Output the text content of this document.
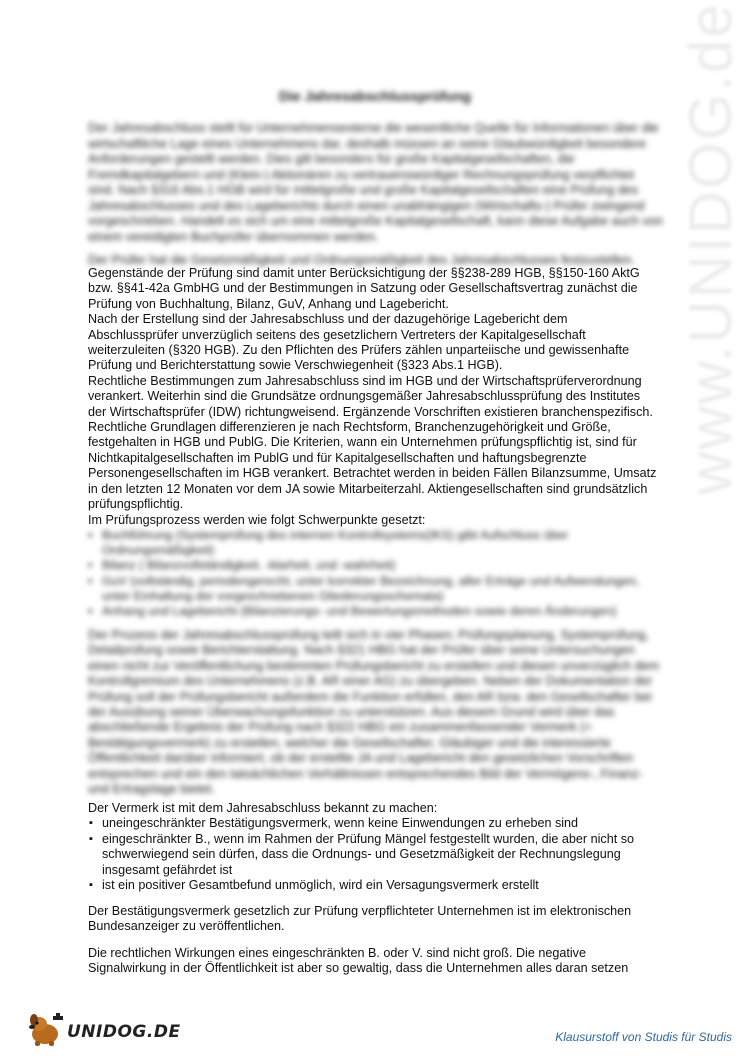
www.UNIDOG.de
Die Jahresabschlussprüfung
Der Jahresabschluss stellt für Unternehmensexterne die wesentliche Quelle für Informationen über die wirtschaftliche Lage eines Unternehmens dar, deshalb müssen an seine Glaubwürdigkeit besondere Anforderungen gestellt werden. Dies gilt besonders für große Kapitalgesellschaften, die Fremdkapitalgebern und (Klein-) Aktionären zu vertrauenswürdiger Rechnungsprüfung verpflichtet sind. Nach §316 Abs.1 HGB wird für mittelgroße und große Kapitalgesellschaften eine Prüfung des Jahresabschlusses und des Lageberichts durch einen unabhängigen (Wirtschafts-) Prüfer zwingend vorgeschrieben. Handelt es sich um eine mittelgroße Kapitalgesellschaft, kann diese Aufgabe auch von einem vereidigten Buchprüfer übernommen werden.
Der Prüfer hat die Gesetzmäßigkeit und Ordnungsmäßigkeit des Jahresabschlusses festzustellen.
Gegenstände der Prüfung sind damit unter Berücksichtigung der §§238-289 HGB, §§150-160 AktG
bzw. §§41-42a GmbHG und der Bestimmungen in Satzung oder Gesellschaftsvertrag zunächst die
Prüfung von Buchhaltung, Bilanz, GuV, Anhang und Lagebericht.
Nach der Erstellung sind der Jahresabschluss und der dazugehörige Lagebericht dem
Abschlussprüfer unverzüglich seitens des gesetzlichern Vertreters der Kapitalgesellschaft
weiterzuleiten (§320 HGB). Zu den Pflichten des Prüfers zählen unparteiische und gewissenhafte
Prüfung und Berichterstattung sowie Verschwiegenheit (§323 Abs.1 HGB).
Rechtliche Bestimmungen zum Jahresabschluss sind im HGB und der Wirtschaftsprüferverordnung
verankert. Weiterhin sind die Grundsätze ordnungsgemäßer Jahresabschlussprüfung des Institutes
der Wirtschaftsprüfer (IDW) richtungweisend. Ergänzende Vorschriften existieren branchenspezifisch.
Rechtliche Grundlagen differenzieren je nach Rechtsform, Branchenzugehörigkeit und Größe,
festgehalten in HGB und PublG. Die Kriterien, wann ein Unternehmen prüfungspflichtig ist, sind für
Nichtkapitalgesellschaften im PublG und für Kapitalgesellschaften und haftungsbegrenzte
Personengesellschaften im HGB verankert. Betrachtet werden in beiden Fällen Bilanzsumme, Umsatz
in den letzten 12 Monaten vor dem JA sowie Mitarbeiterzahl. Aktiengesellschaften sind grundsätzlich
prüfungspflichtig.
Im Prüfungsprozess werden wie folgt Schwerpunkte gesetzt:
▪ Buchführung (Systemprüfung des internen Kontrollsystems(IKS) gibt Aufschluss über Ordnungsmäßigkeit)
▪ Bilanz ( Bilanzvollständigkeit, -klarheit, und -wahrheit)
▪ GuV (vollständig, periodengerecht, unter korrekter Bezeichnung, aller Erträge und Aufwendungen, unter Einhaltung der vorgeschriebenen Gliederungsschemata)
▪ Anhang und Lagebericht (Bilanzierungs- und Bewertungsmethoden sowie deren Änderungen)
Der Prozess der Jahresabschlussprüfung teilt sich in vier Phasen; Prüfungsplanung, Systemprüfung, Detailprüfung sowie Berichterstattung. Nach §321 HBG hat der Prüfer über seine Untersuchungen einen nicht zur Veröffentlichung bestimmten Prüfungsbericht zu erstellen und diesen unverzüglich dem Kontrollgremium des Unternehmens (z.B. AR einer AG) zu übergeben. Neben der Dokumentation der Prüfung soll der Prüfungsbericht außerdem die Funktion erfüllen, den AR bzw. den Gesellschafter bei der Ausübung seiner Überwachungsfunktion zu unterstützen. Aus diesem Grund wird über das abschließende Ergebnis der Prüfung nach §322 HBG ein zusammenfassender Vermerk (= Bestätigungsvermerk) zu erstellen, welcher die Gesellschafter, Gläubiger und die interessierte Öffentlichkeit darüber informiert, ob der erstellte JA und Lagebericht den gesetzlichen Vorschriften entsprechen und ein den tatsächlichen Verhältnissen entsprechendes Bild der Vermögens-, Finanz- und Ertragslage bietet.
Der Vermerk ist mit dem Jahresabschluss bekannt zu machen:
▪ uneingeschränkter Bestätigungsvermerk, wenn keine Einwendungen zu erheben sind
▪ eingeschränkter B., wenn im Rahmen der Prüfung Mängel festgestellt wurden, die aber nicht so schwerwiegend sein dürfen, dass die Ordnungs- und Gesetzmäßigkeit der Rechnungslegung insgesamt gefährdet ist
▪ ist ein positiver Gesamtbefund unmöglich, wird ein Versagungsvermerk erstellt
Der Bestätigungsvermerk gesetzlich zur Prüfung verpflichteter Unternehmen ist im elektronischen Bundesanzeiger zu veröffentlichen.
Die rechtlichen Wirkungen eines eingeschränkten B. oder V. sind nicht groß. Die negative Signalwirkung in der Öffentlichkeit ist aber so gewaltig, dass die Unternehmen alles daran setzen
UNIDOG.DE	Klausurstoff von Studis für Studis
